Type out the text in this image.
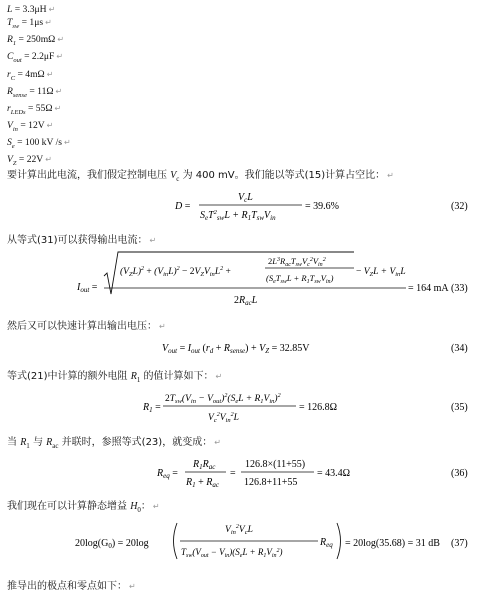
L = 3.3μH ↵
$T_{sw} = 1\mu s$ ↵
$R_1 = 250m\Omega$ ↵
$C_{out} = 2.2\mu F$ ↵
$r_C = 4m\Omega$ ↵
$R_{sense} = 11\Omega$ ↵
$r_{LEDs} = 55\Omega$ ↵
$V_{in} = 12V$ ↵
$S_e = 100$ kV /s ↵
$V_Z = 22V$ ↵
要计算出此电流，我们假定控制电压 $V_c$ 为 400 mV。我们能以等式(15)计算占空比： ↵
D =
$V_cL$
$S_eT^2_{sw}L + R_1T_{sw}V_{in}$
= 39.6%	(32)
从等式(31)可以获得输出电流： ↵
$I_{out}$ =
$(V_ZL)^2 + (V_{in}L)^2 - 2V_ZV_{in}L^2$ +
$2L^3R_{ac}T_{sw}V_c^2V_{in}^2$
$(S_eT_{sw}L + R_1T_{sw}V_{in})$
− $V_ZL + V_{in}L$
$2R_{ac}L$
= 164 mA (33)
然后又可以快速计算出输出电压： ↵
$V_{out} = I_{out}$ $(r_d + R_{sense}) + V_Z = 32.85V$	(34)
等式(21)中计算的额外电阻 $R_1$ 的值计算如下： ↵
$R_1$ =
$2T_{sw}(V_{in} - V_{out})^2(S_eL + R_1V_{in})^2$
$V_c^2V_{in}^2L$
= 126.8Ω	(35)
当 $R_1$ 与 $R_{ac}$ 并联时，参照等式(23)，就变成： ↵
$R_{eq}$ =
$R_1R_{ac}$
$R_1 + R_{ac}$
=
126.8×(11+55)
126.8+11+55
= 43.4Ω	(36)
我们现在可以计算静态增益 $H_0$： ↵
$20\log(G_0) = 20\log$
$V_{in}^2V_cL$
$T_{sw}(V_{out} - V_{in})(S_eL + R_1V_{in}^2)$
$R_{eq} = 20\log(35.68) = 31$ dB (37)
推导出的极点和零点如下： ↵
